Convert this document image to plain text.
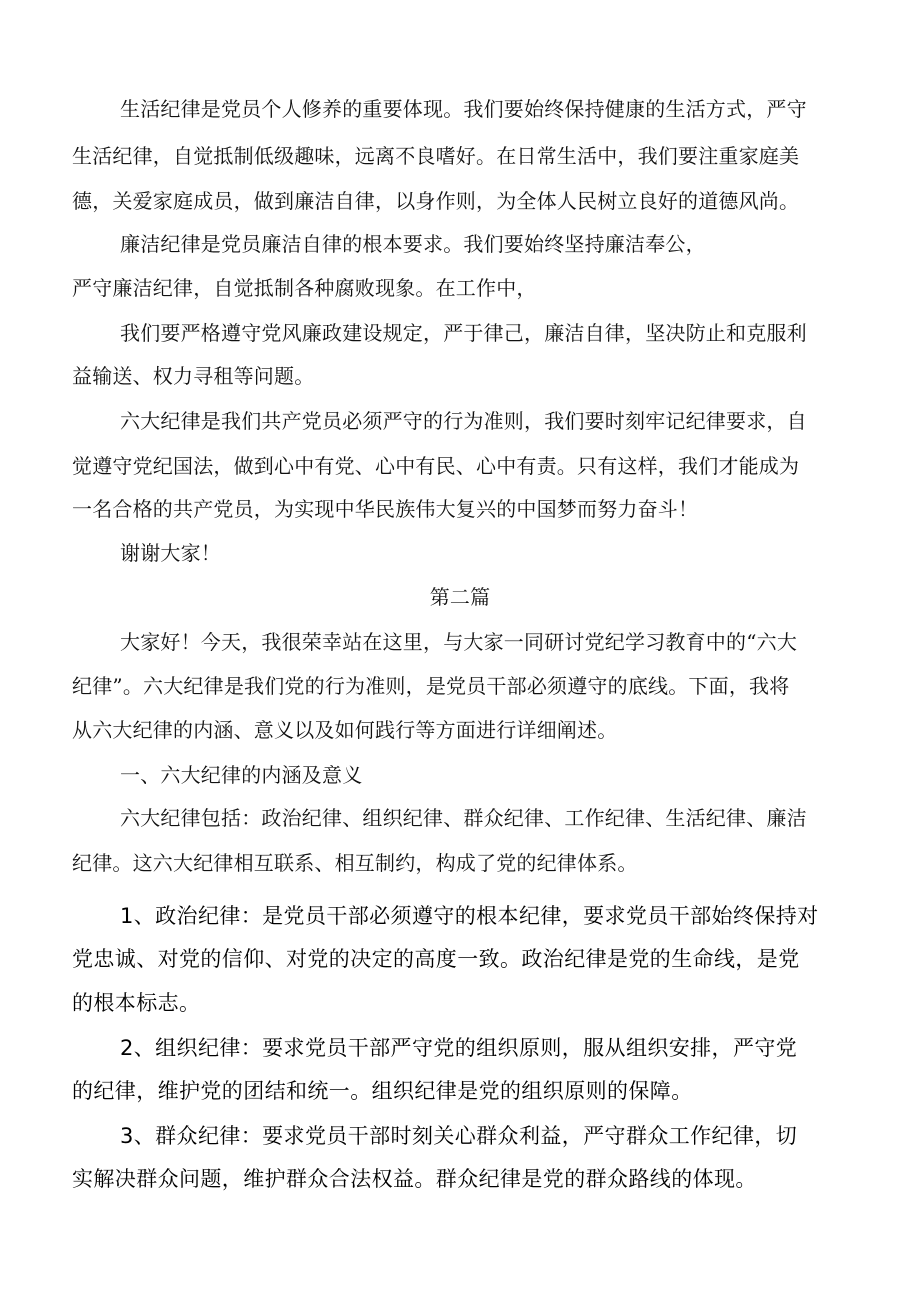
生活纪律是党员个人修养的重要体现。我们要始终保持健康的生活方式，严守
生活纪律，自觉抵制低级趣味，远离不良嗜好。在日常生活中，我们要注重家庭美
德，关爱家庭成员，做到廉洁自律，以身作则，为全体人民树立良好的道德风尚。
廉洁纪律是党员廉洁自律的根本要求。我们要始终坚持廉洁奉公，
严守廉洁纪律，自觉抵制各种腐败现象。在工作中，
我们要严格遵守党风廉政建设规定，严于律己，廉洁自律，坚决防止和克服利
益输送、权力寻租等问题。
六大纪律是我们共产党员必须严守的行为准则，我们要时刻牢记纪律要求，自
觉遵守党纪国法，做到心中有党、心中有民、心中有责。只有这样，我们才能成为
一名合格的共产党员，为实现中华民族伟大复兴的中国梦而努力奋斗！
谢谢大家！
第二篇
大家好！今天，我很荣幸站在这里，与大家一同研讨党纪学习教育中的“六大
纪律”。六大纪律是我们党的行为准则，是党员干部必须遵守的底线。下面，我将
从六大纪律的内涵、意义以及如何践行等方面进行详细阐述。
一、六大纪律的内涵及意义
六大纪律包括：政治纪律、组织纪律、群众纪律、工作纪律、生活纪律、廉洁
纪律。这六大纪律相互联系、相互制约，构成了党的纪律体系。
1、政治纪律：是党员干部必须遵守的根本纪律，要求党员干部始终保持对
党忠诚、对党的信仰、对党的决定的高度一致。政治纪律是党的生命线，是党
的根本标志。
2、组织纪律：要求党员干部严守党的组织原则，服从组织安排，严守党
的纪律，维护党的团结和统一。组织纪律是党的组织原则的保障。
3、群众纪律：要求党员干部时刻关心群众利益，严守群众工作纪律，切
实解决群众问题，维护群众合法权益。群众纪律是党的群众路线的体现。
